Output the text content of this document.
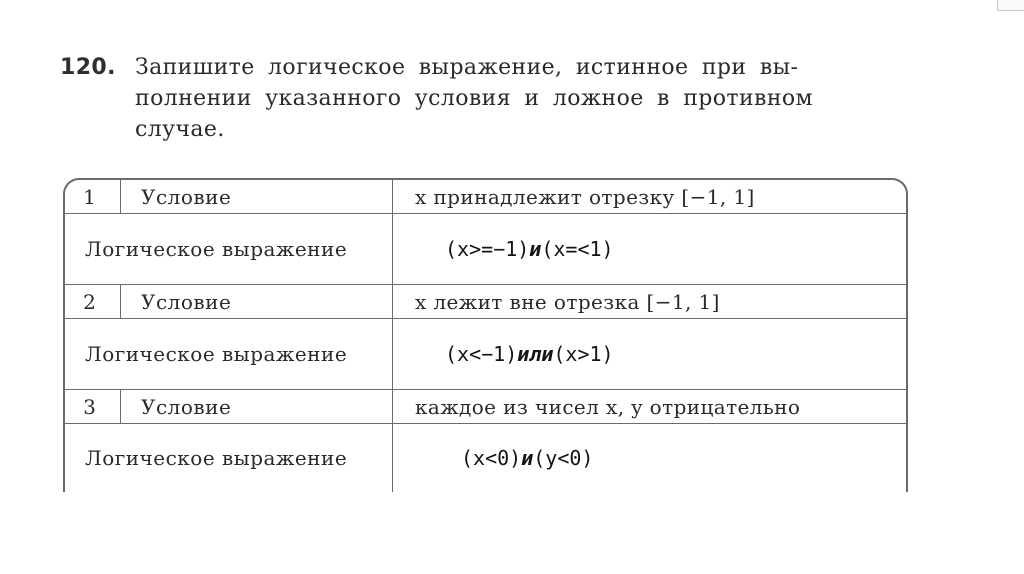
120. Запишите логическое выражение, истинное при вы-
полнении указанного условия и ложное в противном
случае.
1	Условие	x принадлежит отрезку [−1, 1]
Логическое выражение		(x>=−1)и(x=<1)
2	Условие	x лежит вне отрезка [−1, 1]
Логическое выражение		(x<−1)или(x>1)
3	Условие	каждое из чисел x, y отрицательно
Логическое выражение		(x<0)и(y<0)
